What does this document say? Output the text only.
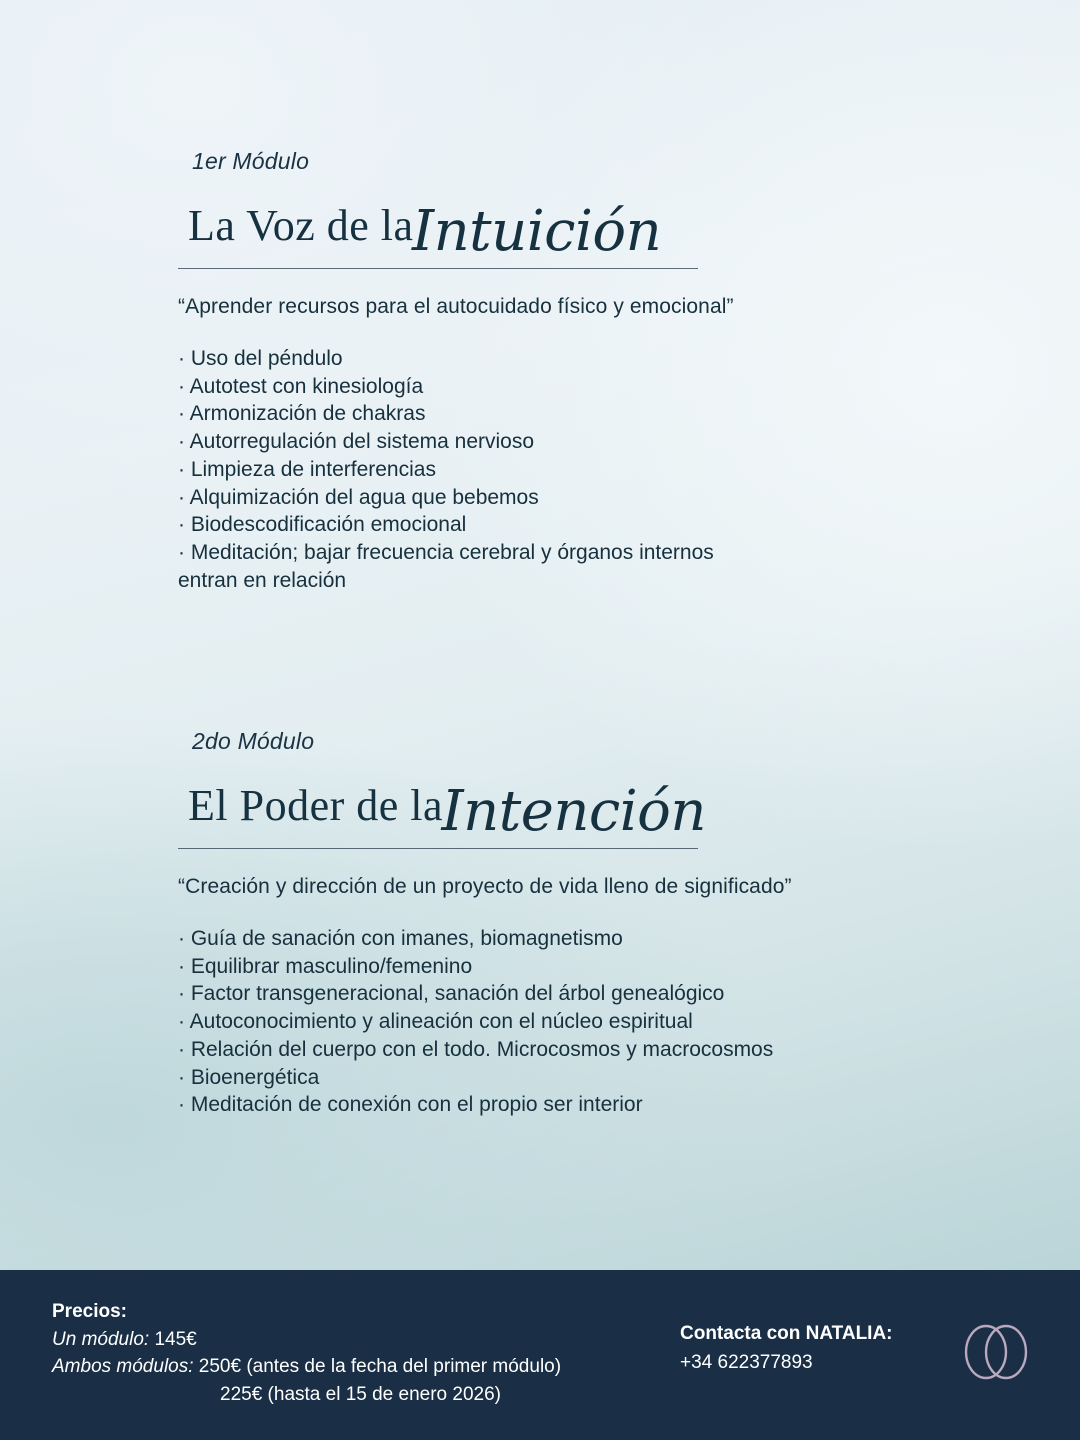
1er Módulo
La Voz de la Intuición
“Aprender recursos para el autocuidado físico y emocional”
· Uso del péndulo
· Autotest con kinesiología
· Armonización de chakras
· Autorregulación del sistema nervioso
· Limpieza de interferencias
· Alquimización del agua que bebemos
· Biodescodificación emocional
· Meditación; bajar frecuencia cerebral y órganos internos
entran en relación
2do Módulo
El Poder de la Intención
“Creación y dirección de un proyecto de vida lleno de significado”
· Guía de sanación con imanes, biomagnetismo
· Equilibrar masculino/femenino
· Factor transgeneracional, sanación del árbol genealógico
· Autoconocimiento y alineación con el núcleo espiritual
· Relación del cuerpo con el todo. Microcosmos y macrocosmos
· Bioenergética
· Meditación de conexión con el propio ser interior
Precios:
Un módulo: 145€
Ambos módulos: 250€ (antes de la fecha del primer módulo)
225€ (hasta el 15 de enero 2026)
Contacta con NATALIA:
+34 622377893
